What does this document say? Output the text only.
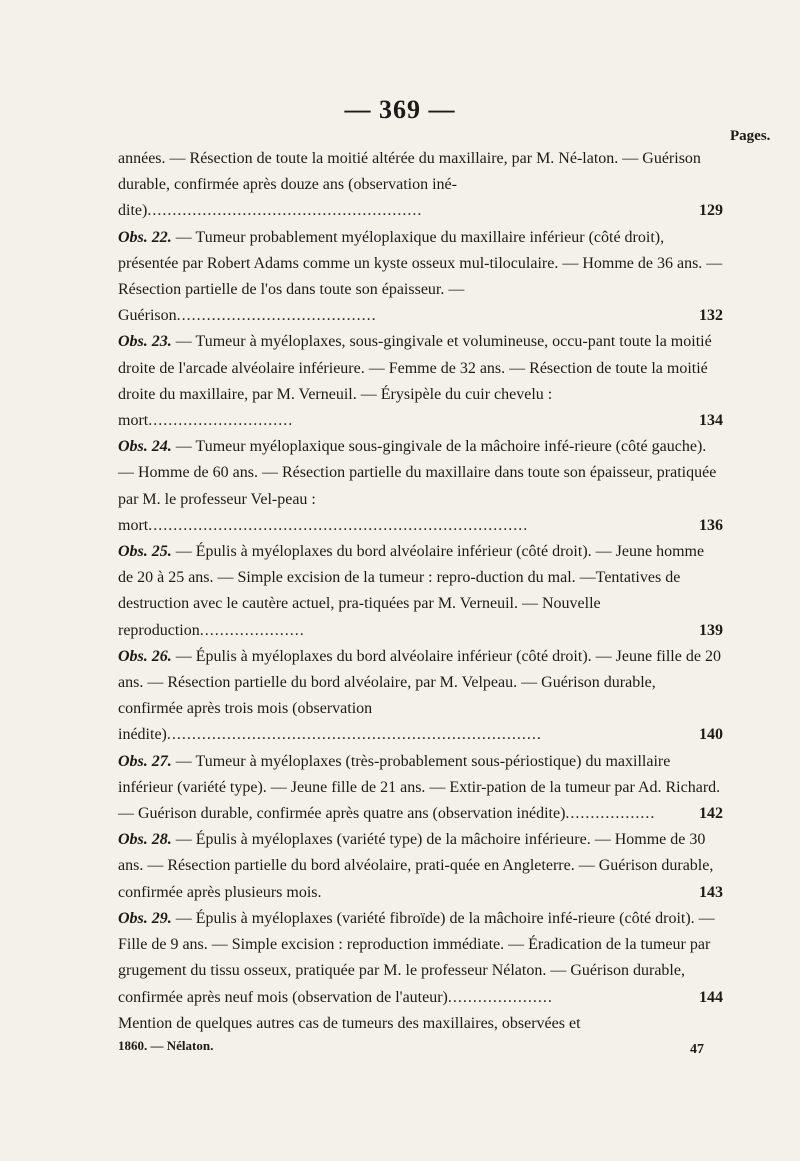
— 369 —
Pages.

années. — Résection de toute la moitié altérée du maxillaire, par M. Né-laton. — Guérison durable, confirmée après douze ans (observation iné-dite).......................................................	129

Obs. 22. — Tumeur probablement myéloplaxique du maxillaire inférieur (côté droit), présentée par Robert Adams comme un kyste osseux mul-tiloculaire. — Homme de 36 ans. — Résection partielle de l'os dans toute son épaisseur. — Guérison........................................	132

Obs. 23. — Tumeur à myéloplaxes, sous-gingivale et volumineuse, occu-pant toute la moitié droite de l'arcade alvéolaire inférieure. — Femme de 32 ans. — Résection de toute la moitié droite du maxillaire, par M. Verneuil. — Érysipèle du cuir chevelu : mort.............................	134

Obs. 24. — Tumeur myéloplaxique sous-gingivale de la mâchoire infé-rieure (côté gauche). — Homme de 60 ans. — Résection partielle du maxillaire dans toute son épaisseur, pratiquée par M. le professeur Vel-peau : mort............................................................................	136

Obs. 25. — Épulis à myéloplaxes du bord alvéolaire inférieur (côté droit). — Jeune homme de 20 à 25 ans. — Simple excision de la tumeur : repro-duction du mal. —Tentatives de destruction avec le cautère actuel, pra-tiquées par M. Verneuil. — Nouvelle reproduction.....................	139

Obs. 26. — Épulis à myéloplaxes du bord alvéolaire inférieur (côté droit). — Jeune fille de 20 ans. — Résection partielle du bord alvéolaire, par M. Velpeau. — Guérison durable, confirmée après trois mois (observation inédite)...........................................................................	140

Obs. 27. — Tumeur à myéloplaxes (très-probablement sous-périostique) du maxillaire inférieur (variété type). — Jeune fille de 21 ans. — Extir-pation de la tumeur par Ad. Richard. — Guérison durable, confirmée après quatre ans (observation inédite)..................	142

Obs. 28. — Épulis à myéloplaxes (variété type) de la mâchoire inférieure. — Homme de 30 ans. — Résection partielle du bord alvéolaire, prati-quée en Angleterre. — Guérison durable, confirmée après plusieurs mois.	143

Obs. 29. — Épulis à myéloplaxes (variété fibroïde) de la mâchoire infé-rieure (côté droit). — Fille de 9 ans. — Simple excision : reproduction immédiate. — Éradication de la tumeur par grugement du tissu osseux, pratiquée par M. le professeur Nélaton. — Guérison durable, confirmée après neuf mois (observation de l'auteur).....................	144

Mention de quelques autres cas de tumeurs des maxillaires, observées et

1860. — Nélaton.	47
